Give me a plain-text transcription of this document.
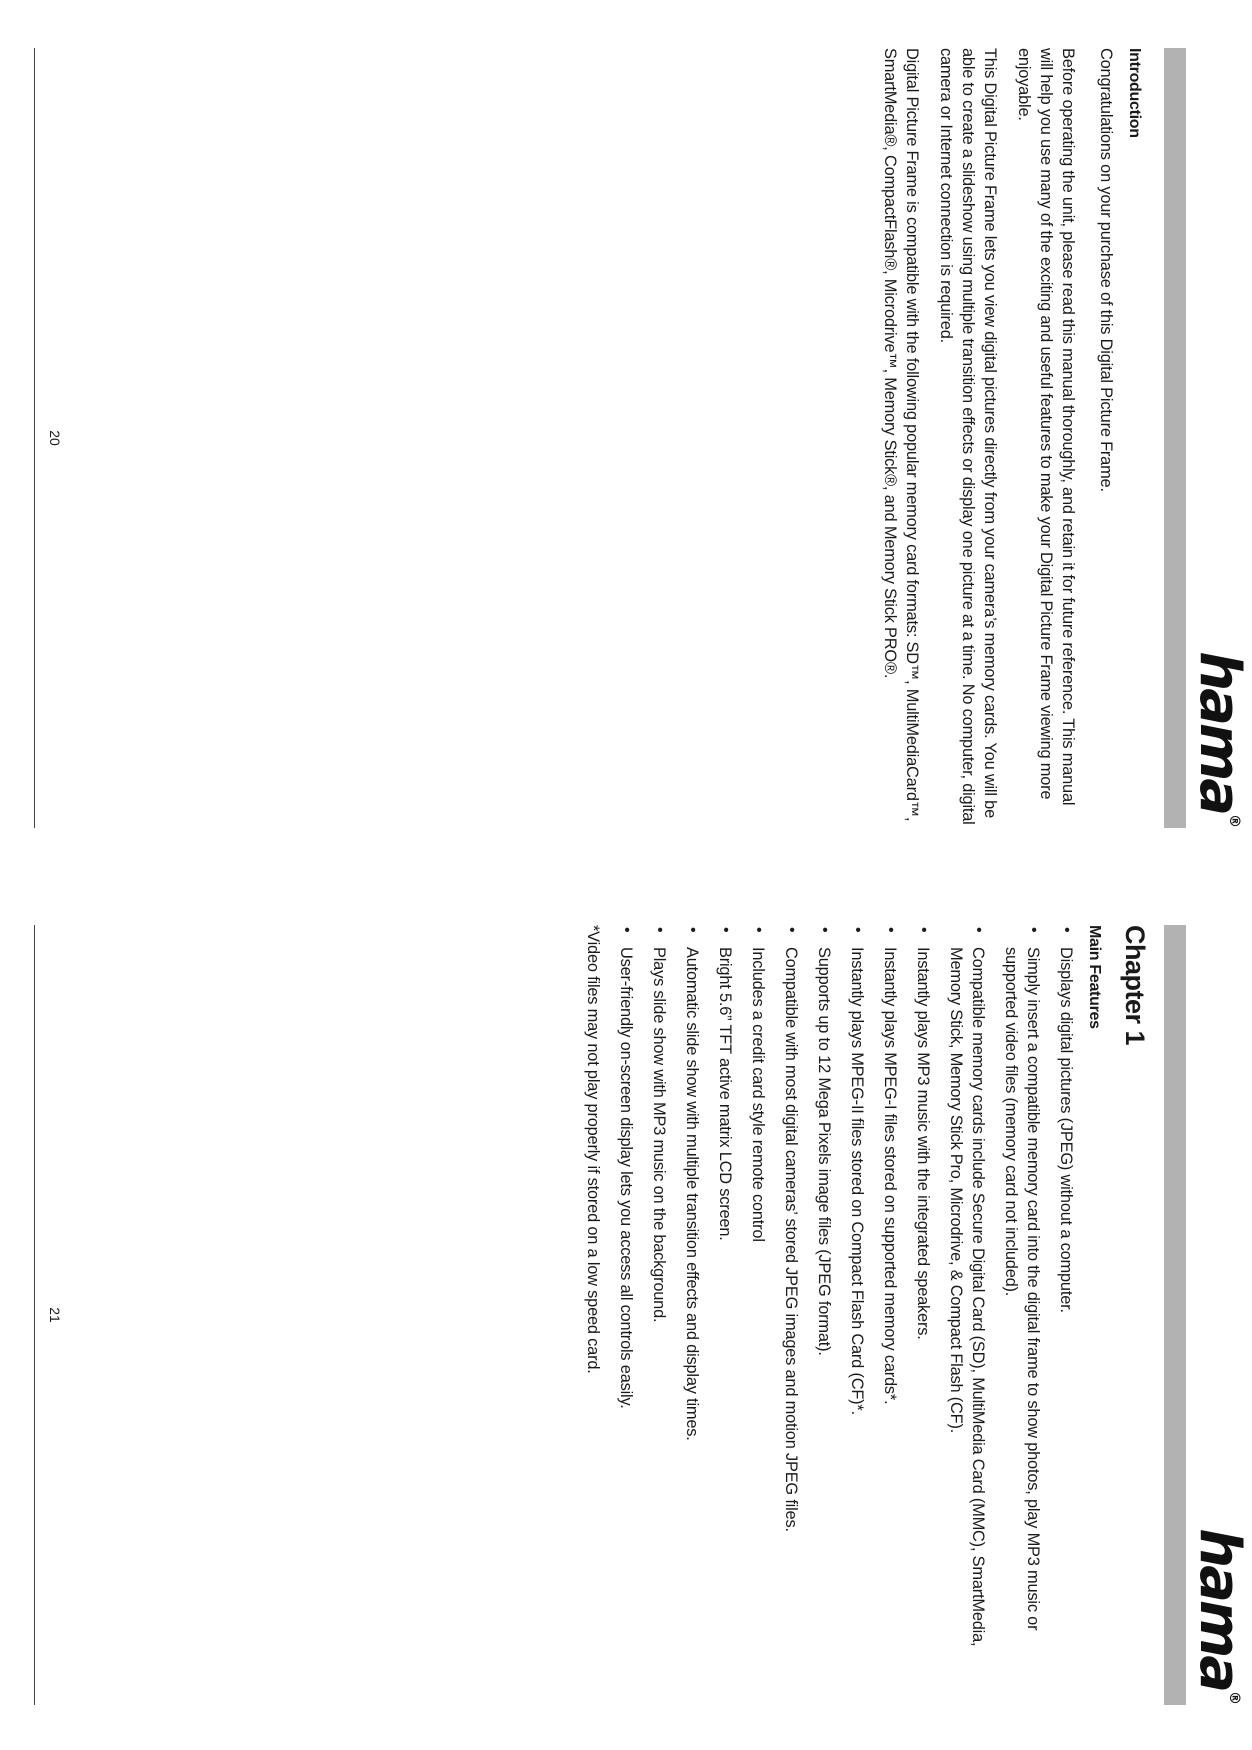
hama®
Introduction

Congratulations on your purchase of this Digital Picture Frame.

Before operating the unit, please read this manual thoroughly, and retain it for future reference. This manual will help you use many of the exciting and useful features to make your Digital Picture Frame viewing more enjoyable.

This Digital Picture Frame lets you view digital pictures directly from your camera’s memory cards. You will be able to create a slideshow using multiple transition effects or display one picture at a time. No computer, digital camera or Internet connection is required.

Digital Picture Frame is compatible with the following popular memory card formats: SD™, MultiMediaCard™, SmartMedia®, CompactFlash®, Microdrive™, Memory Stick®, and Memory Stick PRO®.

20
hama®
Chapter 1
Main Features
•
Displays digital pictures (JPEG) without a computer.
•
Simply insert a compatible memory card into the digital frame to show photos, play MP3 music or supported video files (memory card not included).
•
Compatible memory cards include Secure Digital Card (SD), MultiMedia Card (MMC), SmartMedia, Memory Stick, Memory Stick Pro, Microdrive, & Compact Flash (CF).
•
Instantly plays MP3 music with the integrated speakers.
•
Instantly plays MPEG-I files stored on supported memory cards*.
•
Instantly plays MPEG-II files stored on Compact Flash Card (CF)*.
•
Supports up to 12 Mega Pixels image files (JPEG format).
•
Compatible with most digital cameras’ stored JPEG images and motion JPEG files.
•
Includes a credit card style remote control
•
Bright 5.6” TFT active matrix LCD screen.
•
Automatic slide show with multiple transition effects and display times.
•
Plays slide show with MP3 music on the background.
•
User-friendly on-screen display lets you access all controls easily.

*Video files may not play properly if stored on a low speed card.

21
